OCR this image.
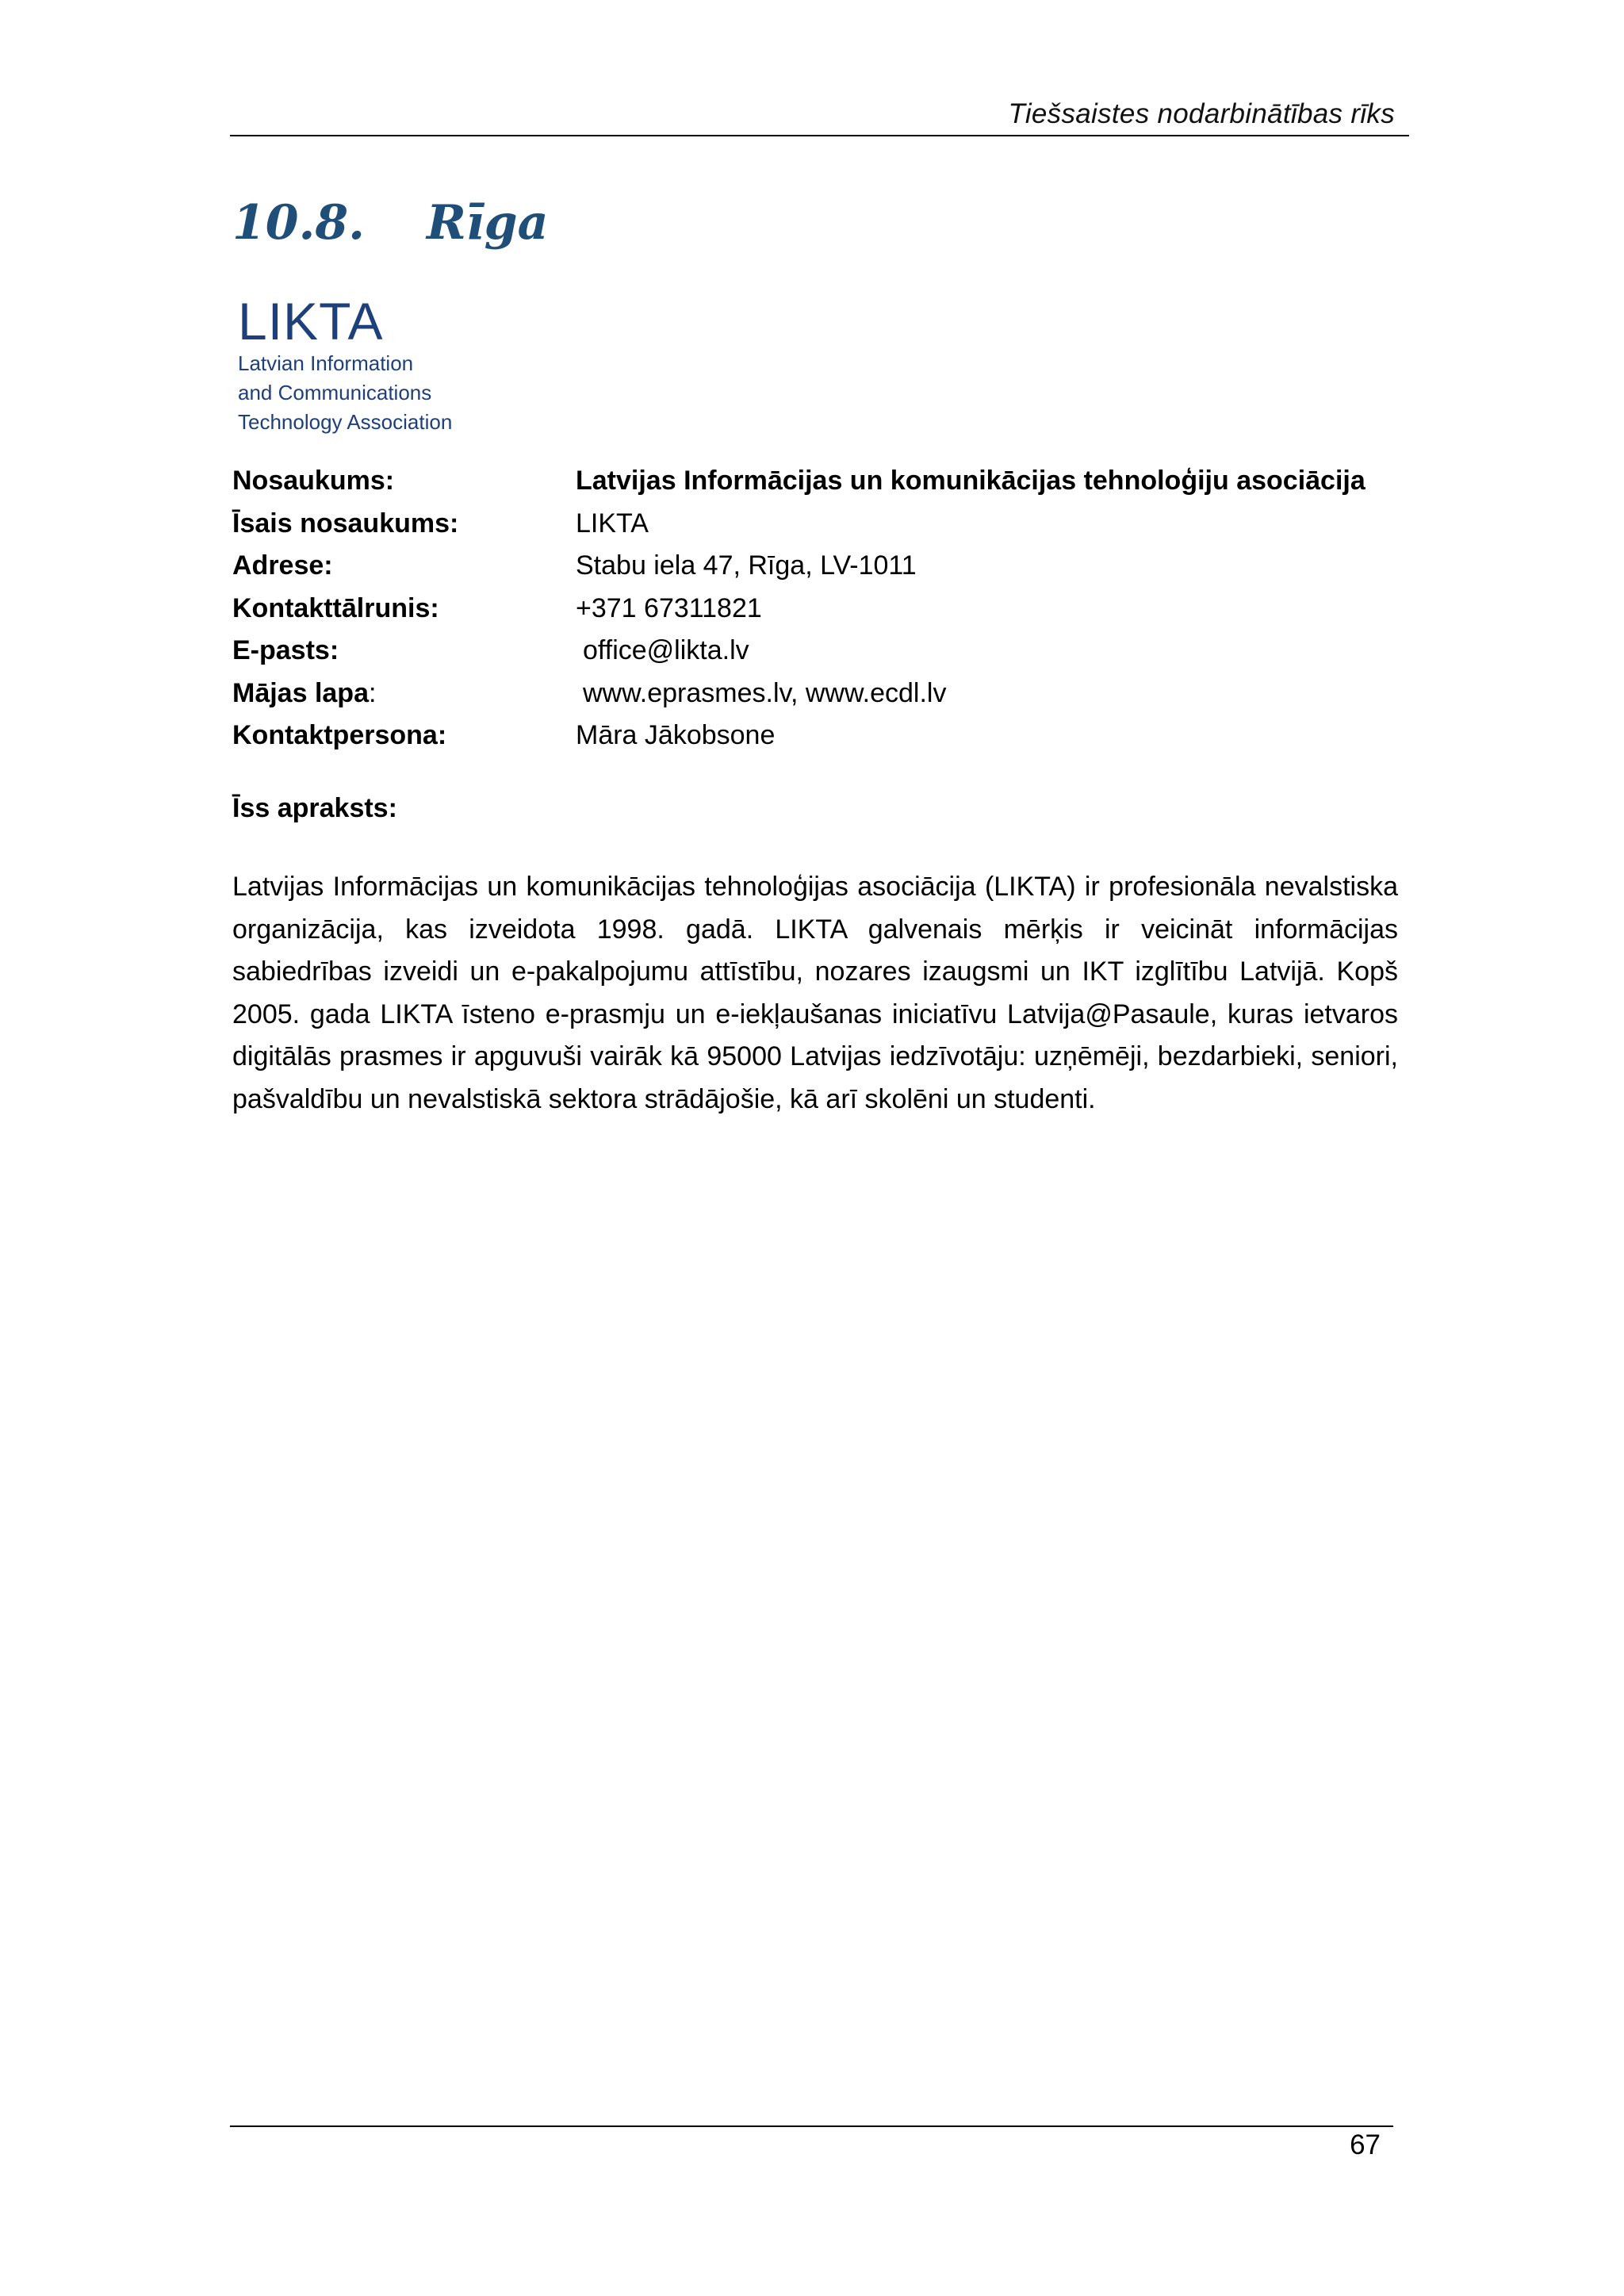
Tiešsaistes nodarbinātības rīks
10.8. Rīga
LIKTA
Latvian Information
and Communications
Technology Association
Nosaukums:	Latvijas Informācijas un komunikācijas tehnoloģiju asociācija
Īsais nosaukums:	LIKTA
Adrese:	Stabu iela 47, Rīga, LV-1011
Kontakttālrunis:	+371 67311821
E-pasts:	office@likta.lv
Mājas lapa:	www.eprasmes.lv, www.ecdl.lv
Kontaktpersona:	Māra Jākobsone
Īss apraksts:

Latvijas Informācijas un komunikācijas tehnoloģijas asociācija (LIKTA) ir profesionāla nevalstiska organizācija, kas izveidota 1998. gadā. LIKTA galvenais mērķis ir veicināt informācijas sabiedrības izveidi un e-pakalpojumu attīstību, nozares izaugsmi un IKT izglītību Latvijā. Kopš 2005. gada LIKTA īsteno e-prasmju un e-iekļaušanas iniciatīvu Latvija@Pasaule, kuras ietvaros digitālās prasmes ir apguvuši vairāk kā 95000 Latvijas iedzīvotāju: uzņēmēji, bezdarbieki, seniori, pašvaldību un nevalstiskā sektora strādājošie, kā arī skolēni un studenti.

67
